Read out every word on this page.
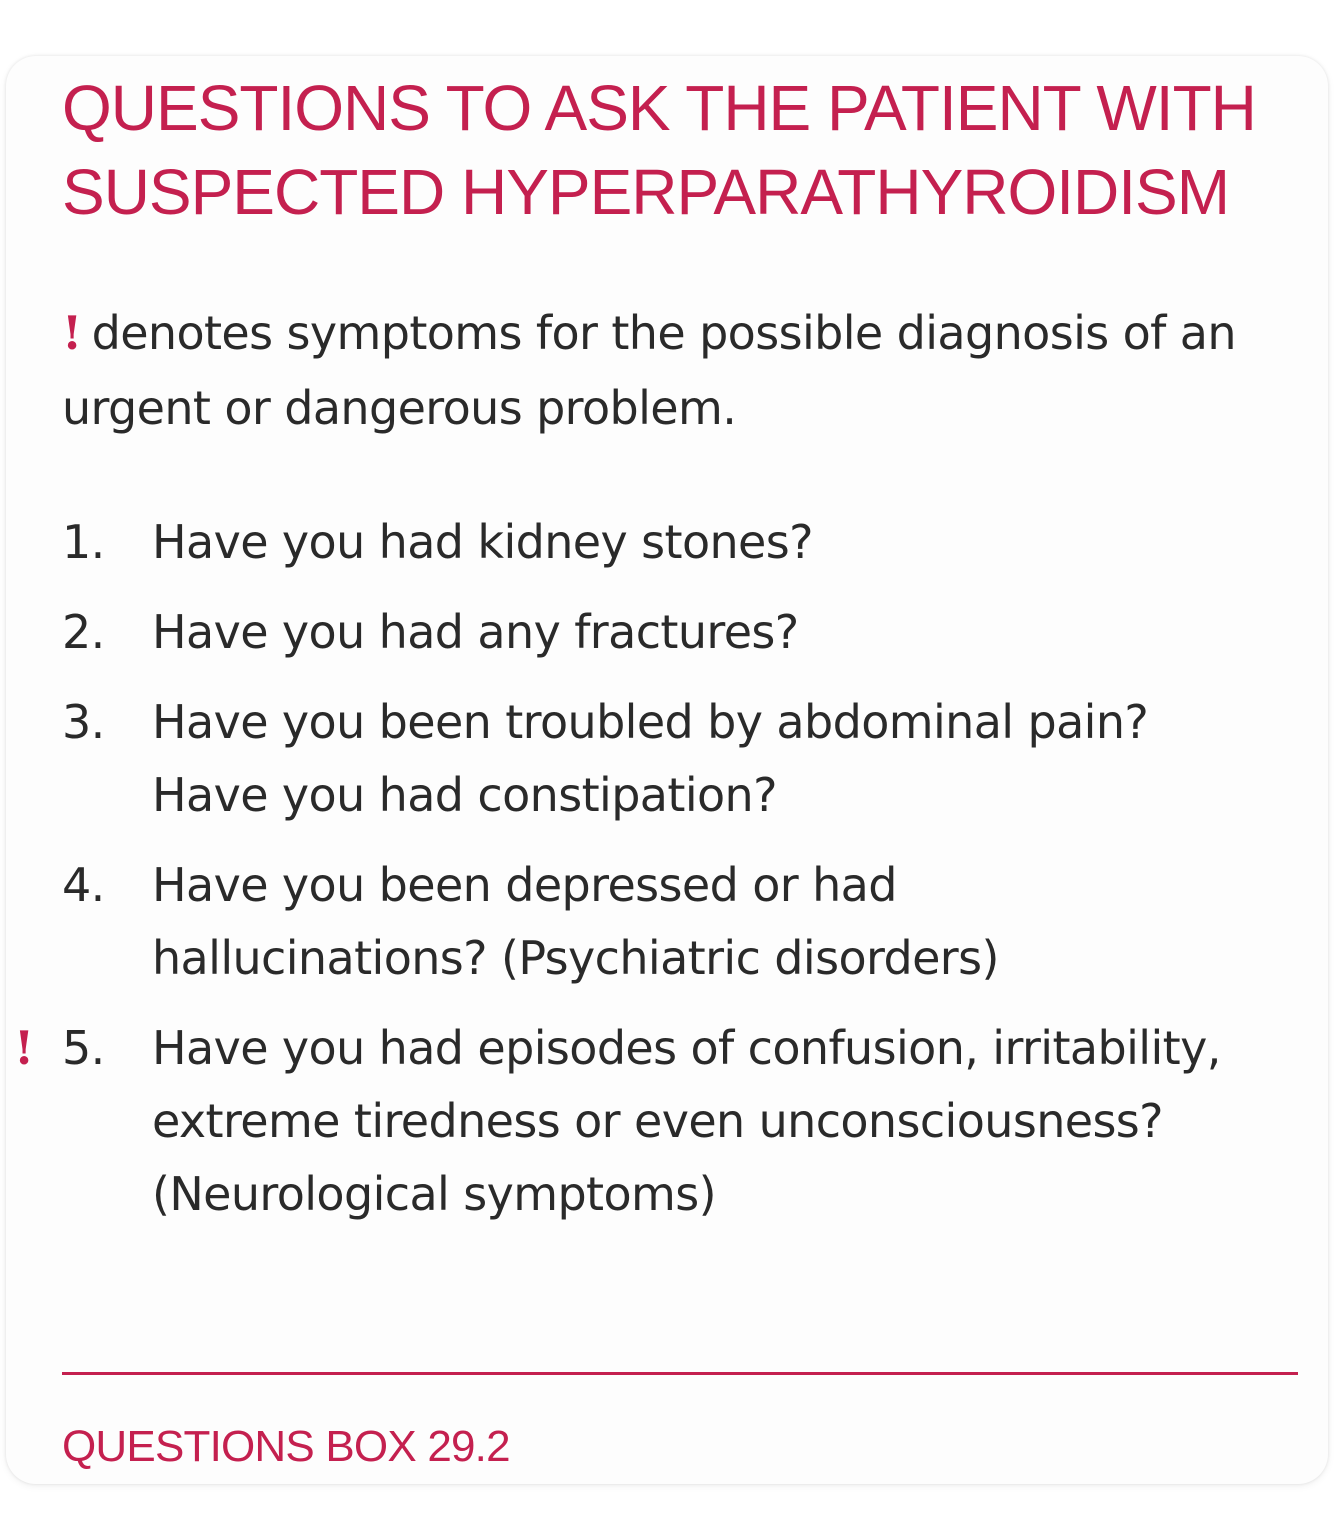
QUESTIONS TO ASK THE PATIENT WITH SUSPECTED HYPERPARATHYROIDISM

! denotes symptoms for the possible diagnosis of an urgent or dangerous problem.

1. Have you had kidney stones?
2. Have you had any fractures?
3. Have you been troubled by abdominal pain? Have you had constipation?
4. Have you been depressed or had hallucinations? (Psychiatric disorders)
! 5. Have you had episodes of confusion, irritability, extreme tiredness or even unconsciousness? (Neurological symptoms)

QUESTIONS BOX 29.2
